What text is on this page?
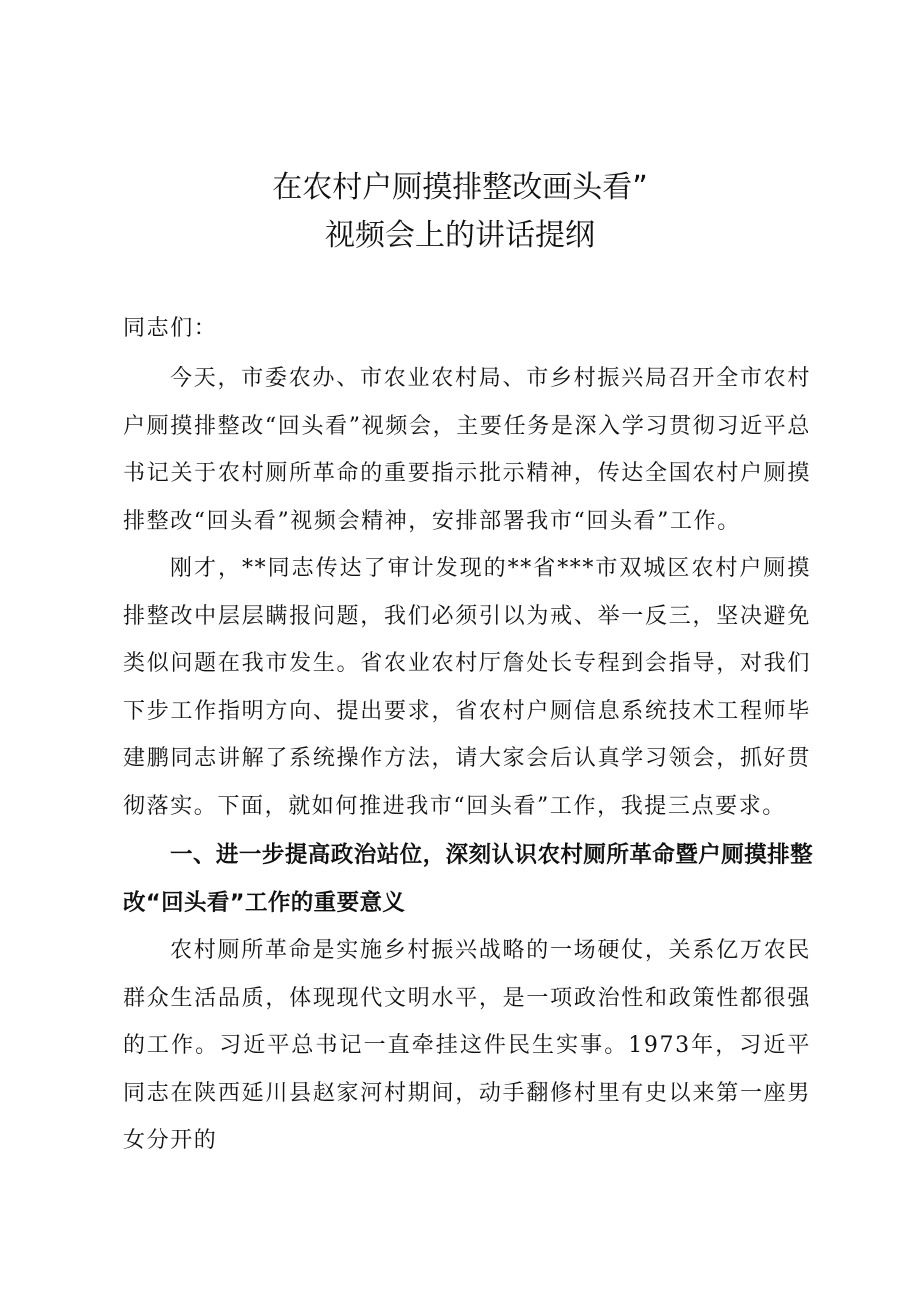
在农村户厕摸排整改画头看”
视频会上的讲话提纲

同志们：

今天，市委农办、市农业农村局、市乡村振兴局召开全市农村户厕摸排整改“回头看”视频会，主要任务是深入学习贯彻习近平总书记关于农村厕所革命的重要指示批示精神，传达全国农村户厕摸排整改“回头看”视频会精神，安排部署我市“回头看”工作。

刚才，**同志传达了审计发现的**省***市双城区农村户厕摸排整改中层层瞒报问题，我们必须引以为戒、举一反三，坚决避免类似问题在我市发生。省农业农村厅詹处长专程到会指导，对我们下步工作指明方向、提出要求，省农村户厕信息系统技术工程师毕建鹏同志讲解了系统操作方法，请大家会后认真学习领会，抓好贯彻落实。下面，就如何推进我市“回头看”工作，我提三点要求。

一、进一步提高政治站位，深刻认识农村厕所革命暨户厕摸排整改“回头看”工作的重要意义

农村厕所革命是实施乡村振兴战略的一场硬仗，关系亿万农民群众生活品质，体现现代文明水平，是一项政治性和政策性都很强的工作。习近平总书记一直牵挂这件民生实事。1973年，习近平同志在陕西延川县赵家河村期间，动手翻修村里有史以来第一座男女分开的
